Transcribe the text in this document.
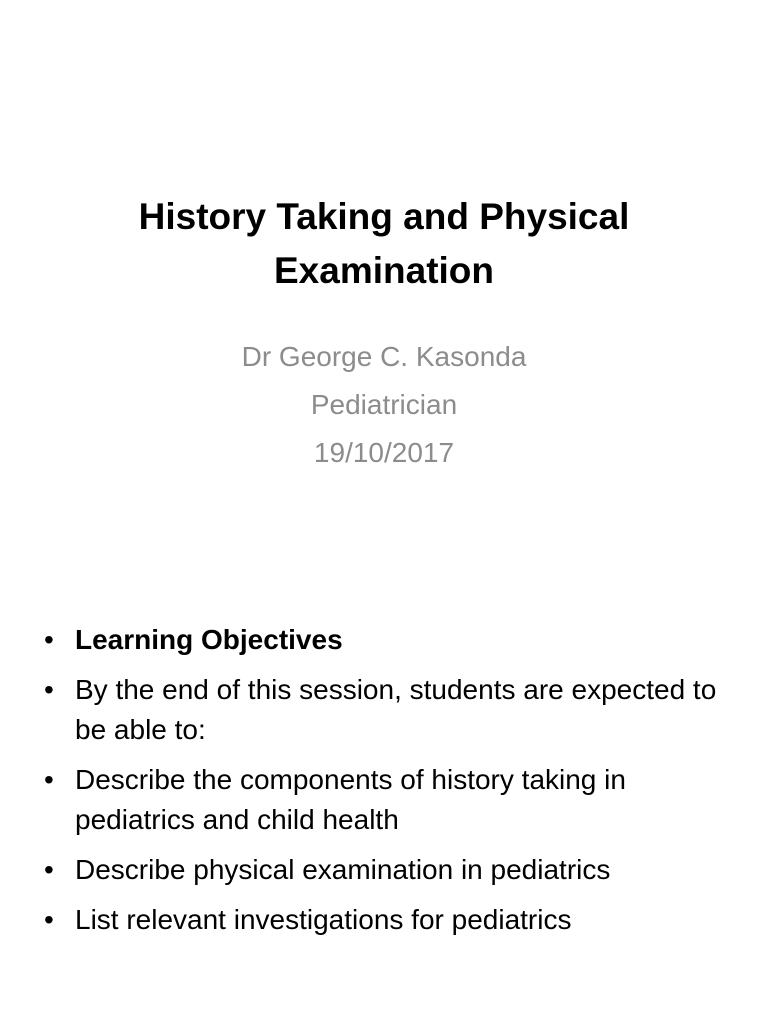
History Taking and Physical Examination
Dr George C. Kasonda
Pediatrician
19/10/2017
• Learning Objectives
• By the end of this session, students are expected to be able to:
• Describe the components of history taking in pediatrics and child health
• Describe physical examination in pediatrics
• List relevant investigations for pediatrics
